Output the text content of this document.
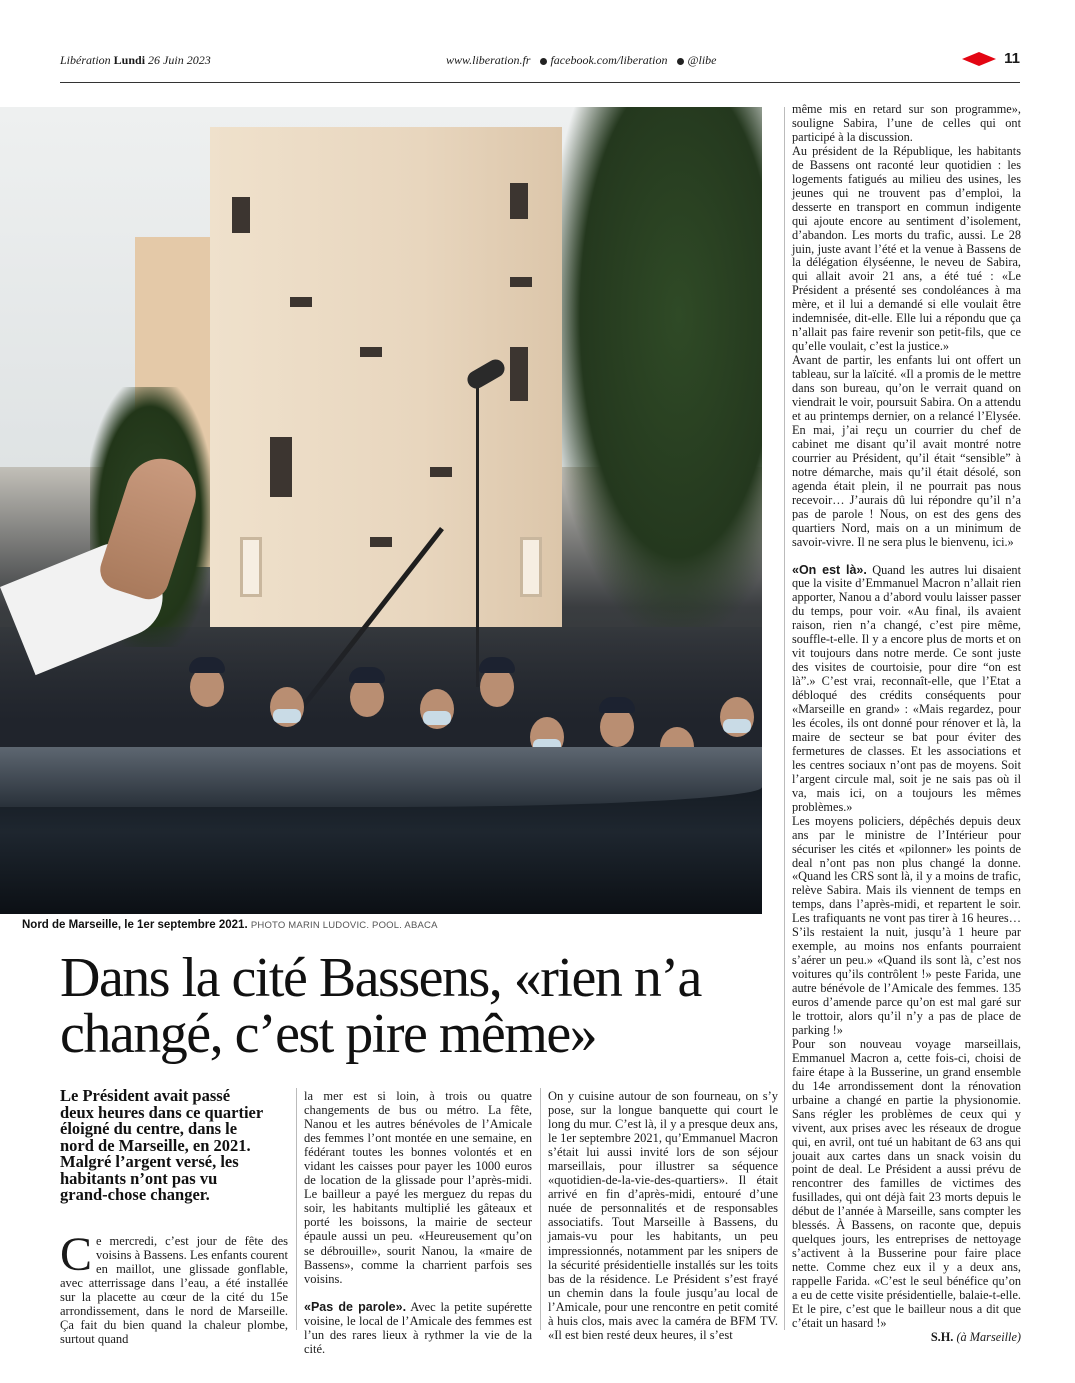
Libération Lundi 26 Juin 2023	www.liberation.fr	facebook.com/liberation	@libe	11
Nord de Marseille, le 1er septembre 2021. PHOTO MARIN LUDOVIC. POOL. ABACA
Dans la cité Bassens, «rien n’a changé, c’est pire même»
Le Président avait passé deux heures dans ce quartier éloigné du centre, dans le nord de Marseille, en 2021. Malgré l’argent versé, les habitants n’ont pas vu grand-chose changer.

Ce mercredi, c’est jour de fête des voisins à Bassens. Les enfants courent en maillot, une glissade gonflable, avec atterrissage dans l’eau, a été installée sur la placette au cœur de la cité du 15e arrondissement, dans le nord de Marseille. Ça fait du bien quand la chaleur plombe, surtout quand

la mer est si loin, à trois ou quatre changements de bus ou métro. La fête, Nanou et les autres bénévoles de l’Amicale des femmes l’ont montée en une semaine, en fédérant toutes les bonnes volontés et en vidant les caisses pour payer les 1000 euros de location de la glissade pour l’après-midi. Le bailleur a payé les merguez du repas du soir, les habitants multiplié les gâteaux et porté les boissons, la mairie de secteur épaule aussi un peu. «Heureusement qu’on se débrouille», sourit Nanou, la «maire de Bassens», comme la charrient parfois ses voisins.

«Pas de parole». Avec la petite supérette voisine, le local de l’Amicale des femmes est l’un des rares lieux à rythmer la vie de la cité.

On y cuisine autour de son fourneau, on s’y pose, sur la longue banquette qui court le long du mur. C’est là, il y a presque deux ans, le 1er septembre 2021, qu’Emmanuel Macron s’était lui aussi invité lors de son séjour marseillais, pour illustrer sa séquence «quotidien-de-la-vie-des-quartiers». Il était arrivé en fin d’après-midi, entouré d’une nuée de personnalités et de responsables associatifs. Tout Marseille à Bassens, du jamais-vu pour les habitants, un peu impressionnés, notamment par les snipers de la sécurité présidentielle installés sur les toits bas de la résidence. Le Président s’est frayé un chemin dans la foule jusqu’au local de l’Amicale, pour une rencontre en petit comité à huis clos, mais avec la caméra de BFM TV. «Il est bien resté deux heures, il s’est

même mis en retard sur son programme», souligne Sabira, l’une de celles qui ont participé à la discussion.

Au président de la République, les habitants de Bassens ont raconté leur quotidien : les logements fatigués au milieu des usines, les jeunes qui ne trouvent pas d’emploi, la desserte en transport en commun indigente qui ajoute encore au sentiment d’isolement, d’abandon. Les morts du trafic, aussi. Le 28 juin, juste avant l’été et la venue à Bassens de la délégation élyséenne, le neveu de Sabira, qui allait avoir 21 ans, a été tué : «Le Président a présenté ses condoléances à ma mère, et il lui a demandé si elle voulait être indemnisée, dit-elle. Elle lui a répondu que ça n’allait pas faire revenir son petit-fils, que ce qu’elle voulait, c’est la justice.»

Avant de partir, les enfants lui ont offert un tableau, sur la laïcité. «Il a promis de le mettre dans son bureau, qu’on le verrait quand on viendrait le voir, poursuit Sabira. On a attendu et au printemps dernier, on a relancé l’Elysée. En mai, j’ai reçu un courrier du chef de cabinet me disant qu’il avait montré notre courrier au Président, qu’il était “sensible” à notre démarche, mais qu’il était désolé, son agenda était plein, il ne pourrait pas nous recevoir… J’aurais dû lui répondre qu’il n’a pas de parole ! Nous, on est des gens des quartiers Nord, mais on a un minimum de savoir-vivre. Il ne sera plus le bienvenu, ici.»

«On est là». Quand les autres lui disaient que la visite d’Emmanuel Macron n’allait rien apporter, Nanou a d’abord voulu laisser passer du temps, pour voir. «Au final, ils avaient raison, rien n’a changé, c’est pire même, souffle-t-elle. Il y a encore plus de morts et on vit toujours dans notre merde. Ce sont juste des visites de courtoisie, pour dire “on est là”.» C’est vrai, reconnaît-elle, que l’Etat a débloqué des crédits conséquents pour «Marseille en grand» : «Mais regardez, pour les écoles, ils ont donné pour rénover et là, la maire de secteur se bat pour éviter des fermetures de classes. Et les associations et les centres sociaux n’ont pas de moyens. Soit l’argent circule mal, soit je ne sais pas où il va, mais ici, on a toujours les mêmes problèmes.»

Les moyens policiers, dépêchés depuis deux ans par le ministre de l’Intérieur pour sécuriser les cités et «pilonner» les points de deal n’ont pas non plus changé la donne. «Quand les CRS sont là, il y a moins de trafic, relève Sabira. Mais ils viennent de temps en temps, dans l’après-midi, et repartent le soir. Les trafiquants ne vont pas tirer à 16 heures… S’ils restaient la nuit, jusqu’à 1 heure par exemple, au moins nos enfants pourraient s’aérer un peu.» «Quand ils sont là, c’est nos voitures qu’ils contrôlent !» peste Farida, une autre bénévole de l’Amicale des femmes. 135 euros d’amende parce qu’on est mal garé sur le trottoir, alors qu’il n’y a pas de place de parking !»

Pour son nouveau voyage marseillais, Emmanuel Macron a, cette fois-ci, choisi de faire étape à la Busserine, un grand ensemble du 14e arrondissement dont la rénovation urbaine a changé en partie la physionomie. Sans régler les problèmes de ceux qui y vivent, aux prises avec les réseaux de drogue qui, en avril, ont tué un habitant de 63 ans qui jouait aux cartes dans un snack voisin du point de deal. Le Président a aussi prévu de rencontrer des familles de victimes des fusillades, qui ont déjà fait 23 morts depuis le début de l’année à Marseille, sans compter les blessés. À Bassens, on raconte que, depuis quelques jours, les entreprises de nettoyage s’activent à la Busserine pour faire place nette. Comme chez eux il y a deux ans, rappelle Farida. «C’est le seul bénéfice qu’on a eu de cette visite présidentielle, balaie-t-elle. Et le pire, c’est que le bailleur nous a dit que c’était un hasard !»

S.H. (à Marseille)
